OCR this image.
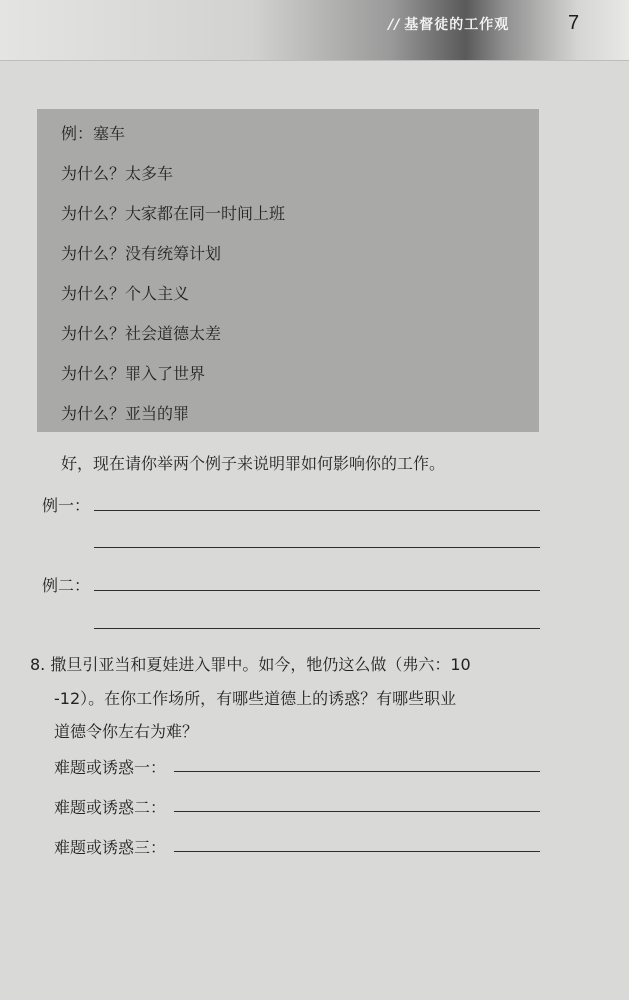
// 基督徒的工作观	7
例：塞车
为什么？太多车
为什么？大家都在同一时间上班
为什么？没有统筹计划
为什么？个人主义
为什么？社会道德太差
为什么？罪入了世界
为什么？亚当的罪
好，现在请你举两个例子来说明罪如何影响你的工作。
例一：
例二：
8. 撒旦引亚当和夏娃进入罪中。如今，牠仍这么做（弗六：10
-12）。在你工作场所，有哪些道德上的诱惑？有哪些职业
道德令你左右为难？
难题或诱惑一：
难题或诱惑二：
难题或诱惑三：
